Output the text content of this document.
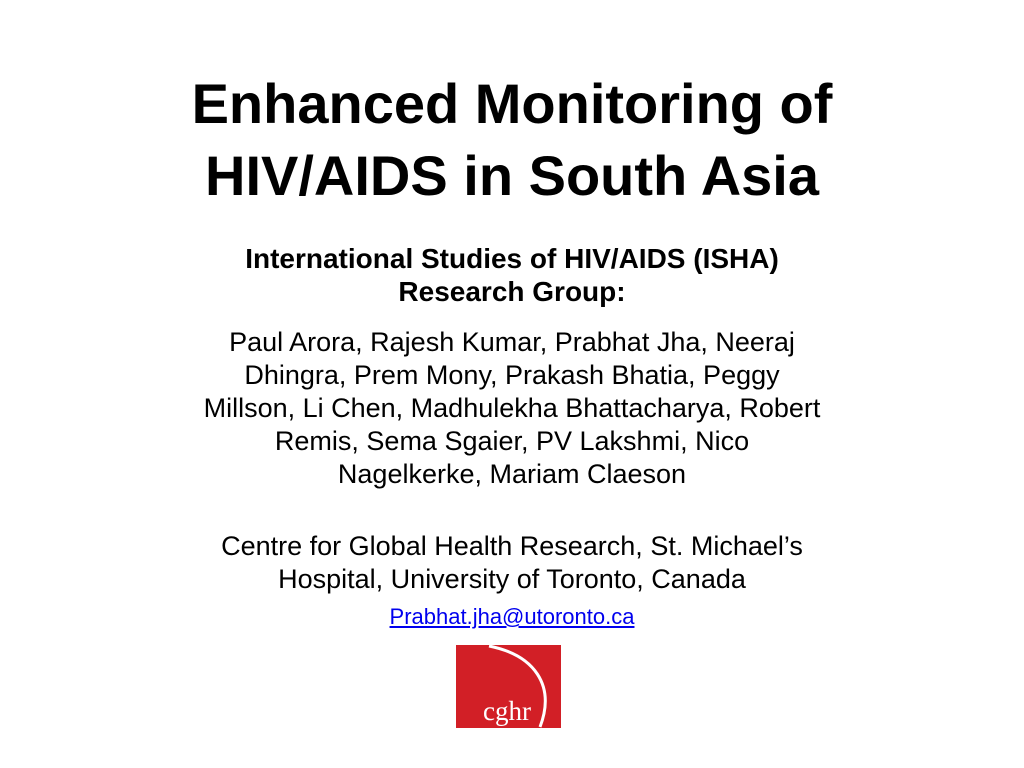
Enhanced Monitoring of
HIV/AIDS in South Asia

International Studies of HIV/AIDS (ISHA)
Research Group:

Paul Arora, Rajesh Kumar, Prabhat Jha, Neeraj
Dhingra, Prem Mony, Prakash Bhatia, Peggy
Millson, Li Chen, Madhulekha Bhattacharya, Robert
Remis, Sema Sgaier, PV Lakshmi, Nico
Nagelkerke, Mariam Claeson

Centre for Global Health Research, St. Michael’s
Hospital, University of Toronto, Canada

Prabhat.jha@utoronto.ca

cghr
